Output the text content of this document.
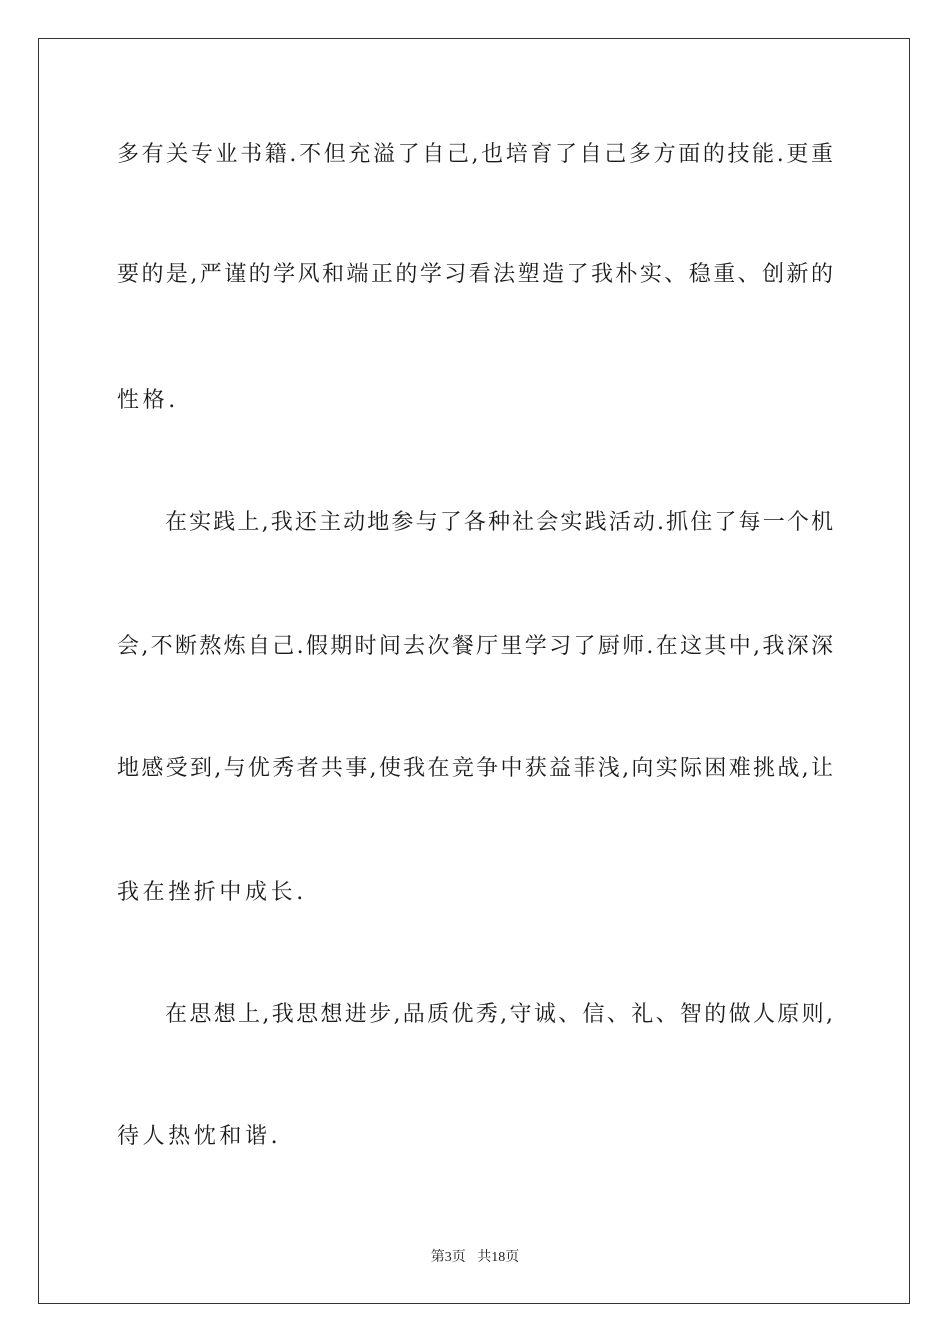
多有关专业书籍.不但充溢了自己,也培育了自己多方面的技能.更重
要的是,严谨的学风和端正的学习看法塑造了我朴实、稳重、创新的
性格.
在实践上,我还主动地参与了各种社会实践活动.抓住了每一个机
会,不断熬炼自己.假期时间去次餐厅里学习了厨师.在这其中,我深深
地感受到,与优秀者共事,使我在竞争中获益菲浅,向实际困难挑战,让
我在挫折中成长.
在思想上,我思想进步,品质优秀,守诚、信、礼、智的做人原则,
待人热忱和谐.
第3页 共18页
